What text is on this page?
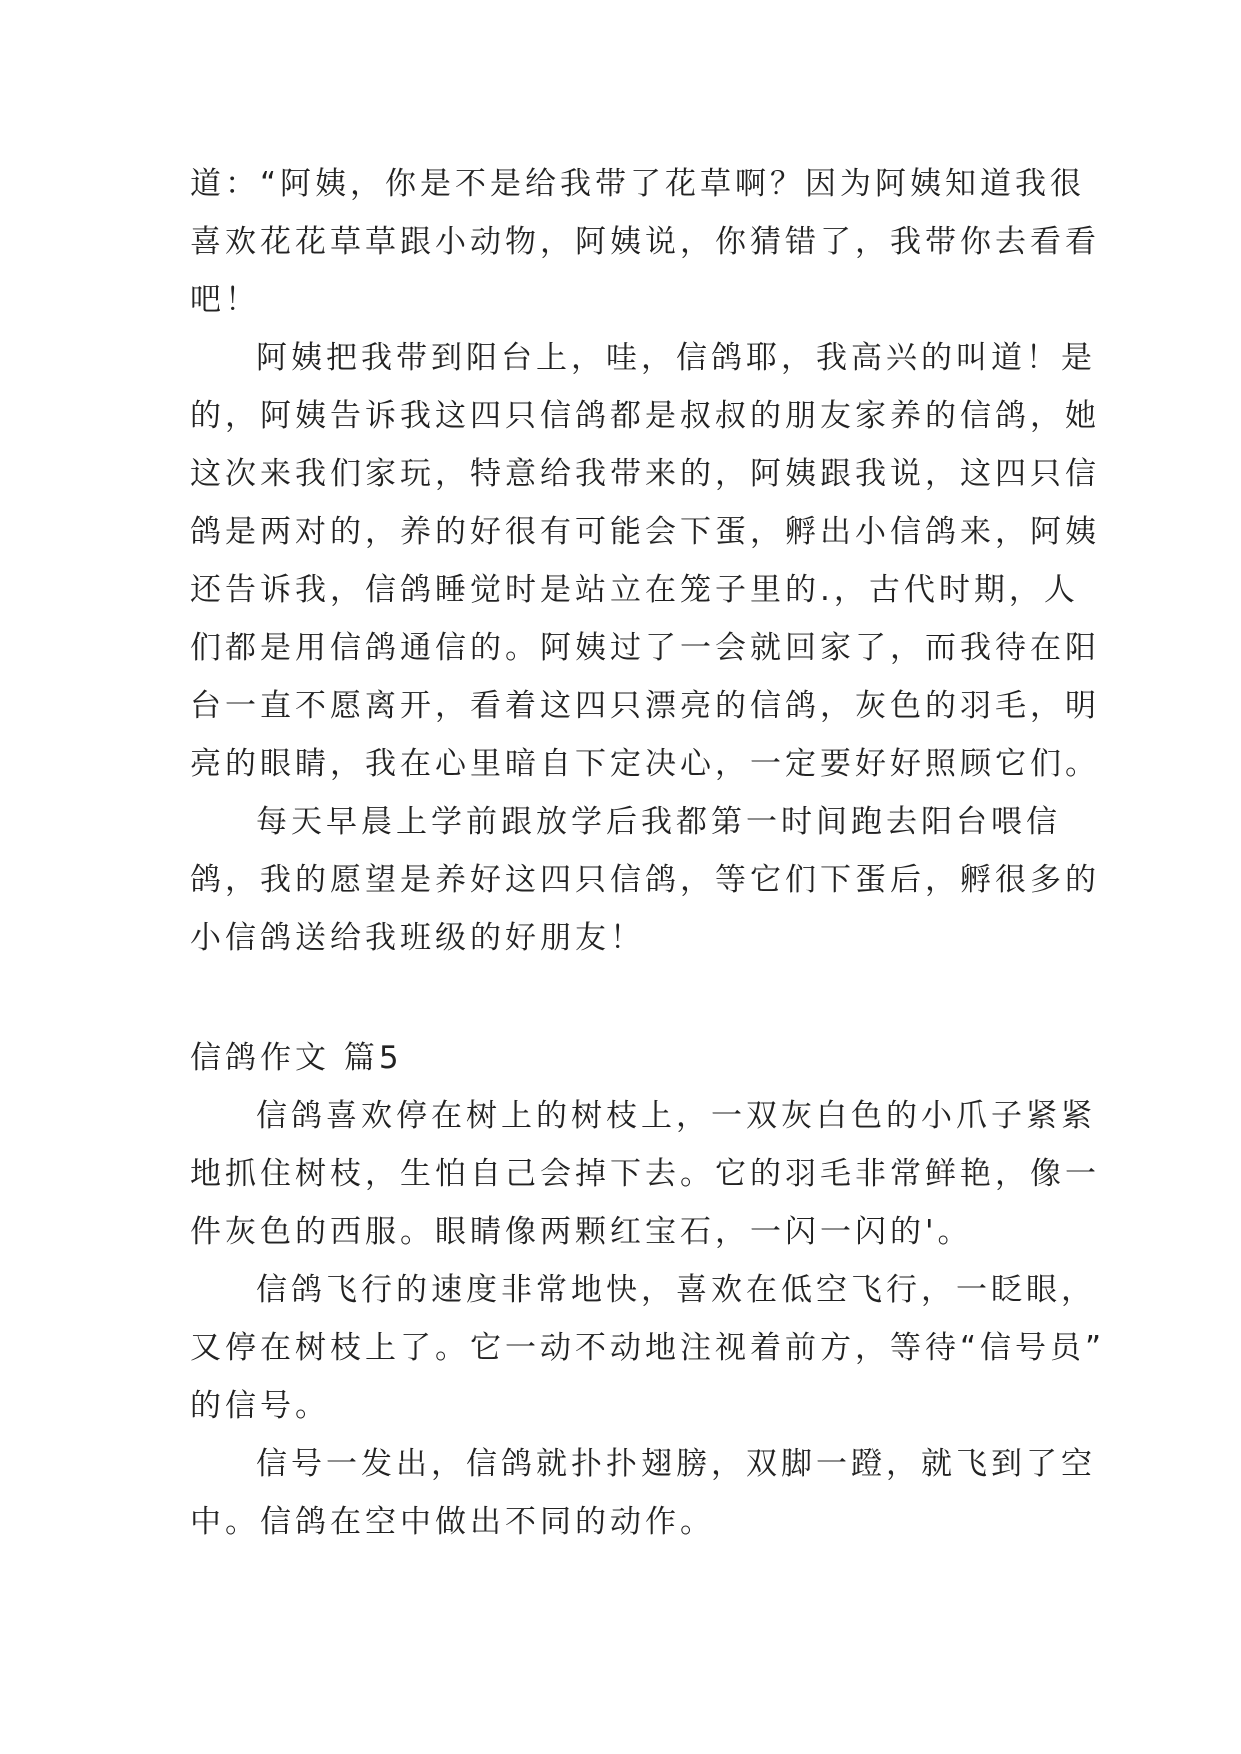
道：“阿姨，你是不是给我带了花草啊？因为阿姨知道我很
喜欢花花草草跟小动物，阿姨说，你猜错了，我带你去看看
吧！
阿姨把我带到阳台上，哇，信鸽耶，我高兴的叫道！是
的，阿姨告诉我这四只信鸽都是叔叔的朋友家养的信鸽，她
这次来我们家玩，特意给我带来的，阿姨跟我说，这四只信
鸽是两对的，养的好很有可能会下蛋，孵出小信鸽来，阿姨
还告诉我，信鸽睡觉时是站立在笼子里的.，古代时期，人
们都是用信鸽通信的。阿姨过了一会就回家了，而我待在阳
台一直不愿离开，看着这四只漂亮的信鸽，灰色的羽毛，明
亮的眼睛，我在心里暗自下定决心，一定要好好照顾它们。
每天早晨上学前跟放学后我都第一时间跑去阳台喂信
鸽，我的愿望是养好这四只信鸽，等它们下蛋后，孵很多的
小信鸽送给我班级的好朋友！
信鸽作文 篇5
信鸽喜欢停在树上的树枝上，一双灰白色的小爪子紧紧
地抓住树枝，生怕自己会掉下去。它的羽毛非常鲜艳，像一
件灰色的西服。眼睛像两颗红宝石，一闪一闪的'。
信鸽飞行的速度非常地快，喜欢在低空飞行，一眨眼，
又停在树枝上了。它一动不动地注视着前方，等待“信号员”
的信号。
信号一发出，信鸽就扑扑翅膀，双脚一蹬，就飞到了空
中。信鸽在空中做出不同的动作。
